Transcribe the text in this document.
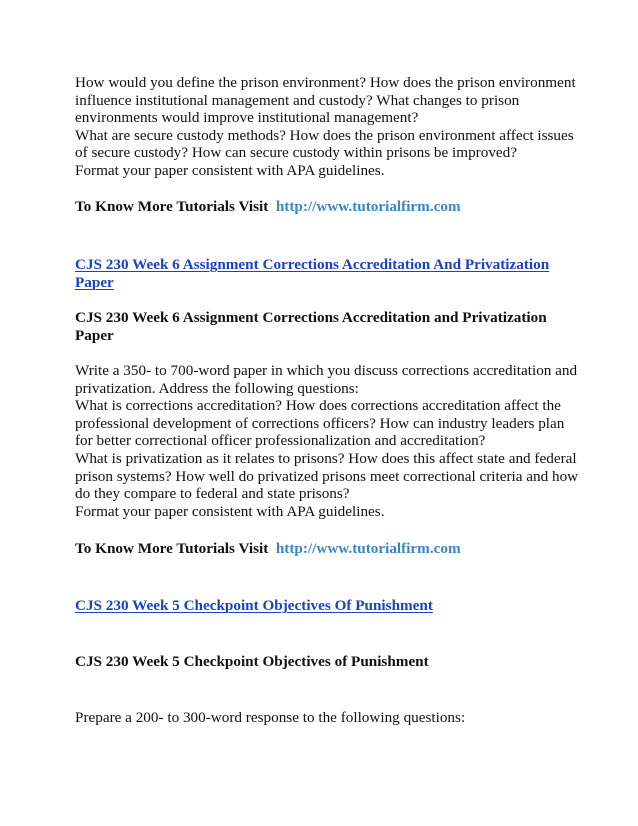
How would you define the prison environment? How does the prison environment
influence institutional management and custody? What changes to prison
environments would improve institutional management?
What are secure custody methods? How does the prison environment affect issues
of secure custody? How can secure custody within prisons be improved?
Format your paper consistent with APA guidelines.
To Know More Tutorials Visit http://www.tutorialfirm.com
CJS 230 Week 6 Assignment Corrections Accreditation And Privatization
Paper
CJS 230 Week 6 Assignment Corrections Accreditation and Privatization
Paper
Write a 350- to 700-word paper in which you discuss corrections accreditation and
privatization. Address the following questions:
What is corrections accreditation? How does corrections accreditation affect the
professional development of corrections officers? How can industry leaders plan
for better correctional officer professionalization and accreditation?
What is privatization as it relates to prisons? How does this affect state and federal
prison systems? How well do privatized prisons meet correctional criteria and how
do they compare to federal and state prisons?
Format your paper consistent with APA guidelines.
To Know More Tutorials Visit http://www.tutorialfirm.com
CJS 230 Week 5 Checkpoint Objectives Of Punishment
CJS 230 Week 5 Checkpoint Objectives of Punishment
Prepare a 200- to 300-word response to the following questions:
